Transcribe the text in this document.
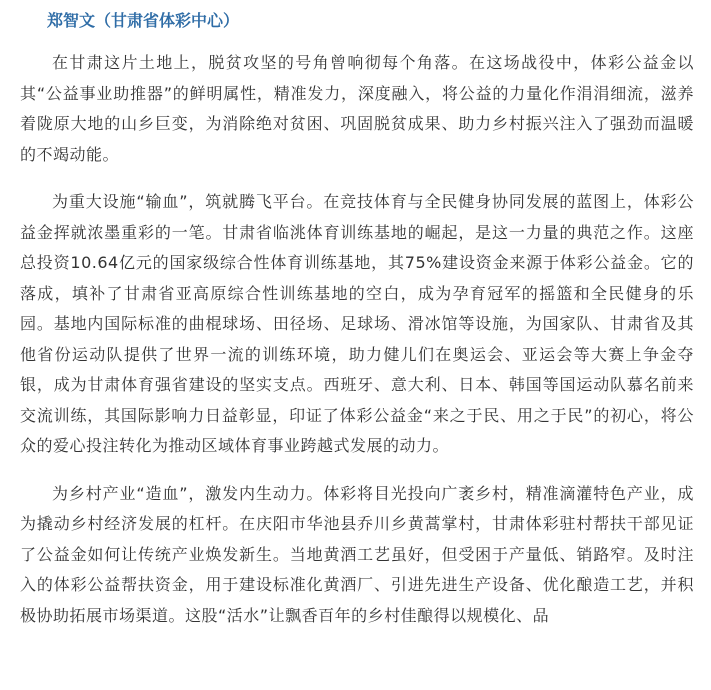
郑智文（甘肃省体彩中心）

在甘肃这片土地上，脱贫攻坚的号角曾响彻每个角落。在这场战役中，体彩公益金以其“公益事业助推器”的鲜明属性，精准发力，深度融入，将公益的力量化作涓涓细流，滋养着陇原大地的山乡巨变，为消除绝对贫困、巩固脱贫成果、助力乡村振兴注入了强劲而温暖的不竭动能。

为重大设施“输血”，筑就腾飞平台。在竞技体育与全民健身协同发展的蓝图上，体彩公益金挥就浓墨重彩的一笔。甘肃省临洮体育训练基地的崛起，是这一力量的典范之作。这座总投资10.64亿元的国家级综合性体育训练基地，其75%建设资金来源于体彩公益金。它的落成，填补了甘肃省亚高原综合性训练基地的空白，成为孕育冠军的摇篮和全民健身的乐园。基地内国际标准的曲棍球场、田径场、足球场、滑冰馆等设施，为国家队、甘肃省及其他省份运动队提供了世界一流的训练环境，助力健儿们在奥运会、亚运会等大赛上争金夺银，成为甘肃体育强省建设的坚实支点。西班牙、意大利、日本、韩国等国运动队慕名前来交流训练，其国际影响力日益彰显，印证了体彩公益金“来之于民、用之于民”的初心，将公众的爱心投注转化为推动区域体育事业跨越式发展的动力。

为乡村产业“造血”，激发内生动力。体彩将目光投向广袤乡村，精准滴灌特色产业，成为撬动乡村经济发展的杠杆。在庆阳市华池县乔川乡黄蒿掌村，甘肃体彩驻村帮扶干部见证了公益金如何让传统产业焕发新生。当地黄酒工艺虽好，但受困于产量低、销路窄。及时注入的体彩公益帮扶资金，用于建设标准化黄酒厂、引进先进生产设备、优化酿造工艺，并积极协助拓展市场渠道。这股“活水”让飘香百年的乡村佳酿得以规模化、品
